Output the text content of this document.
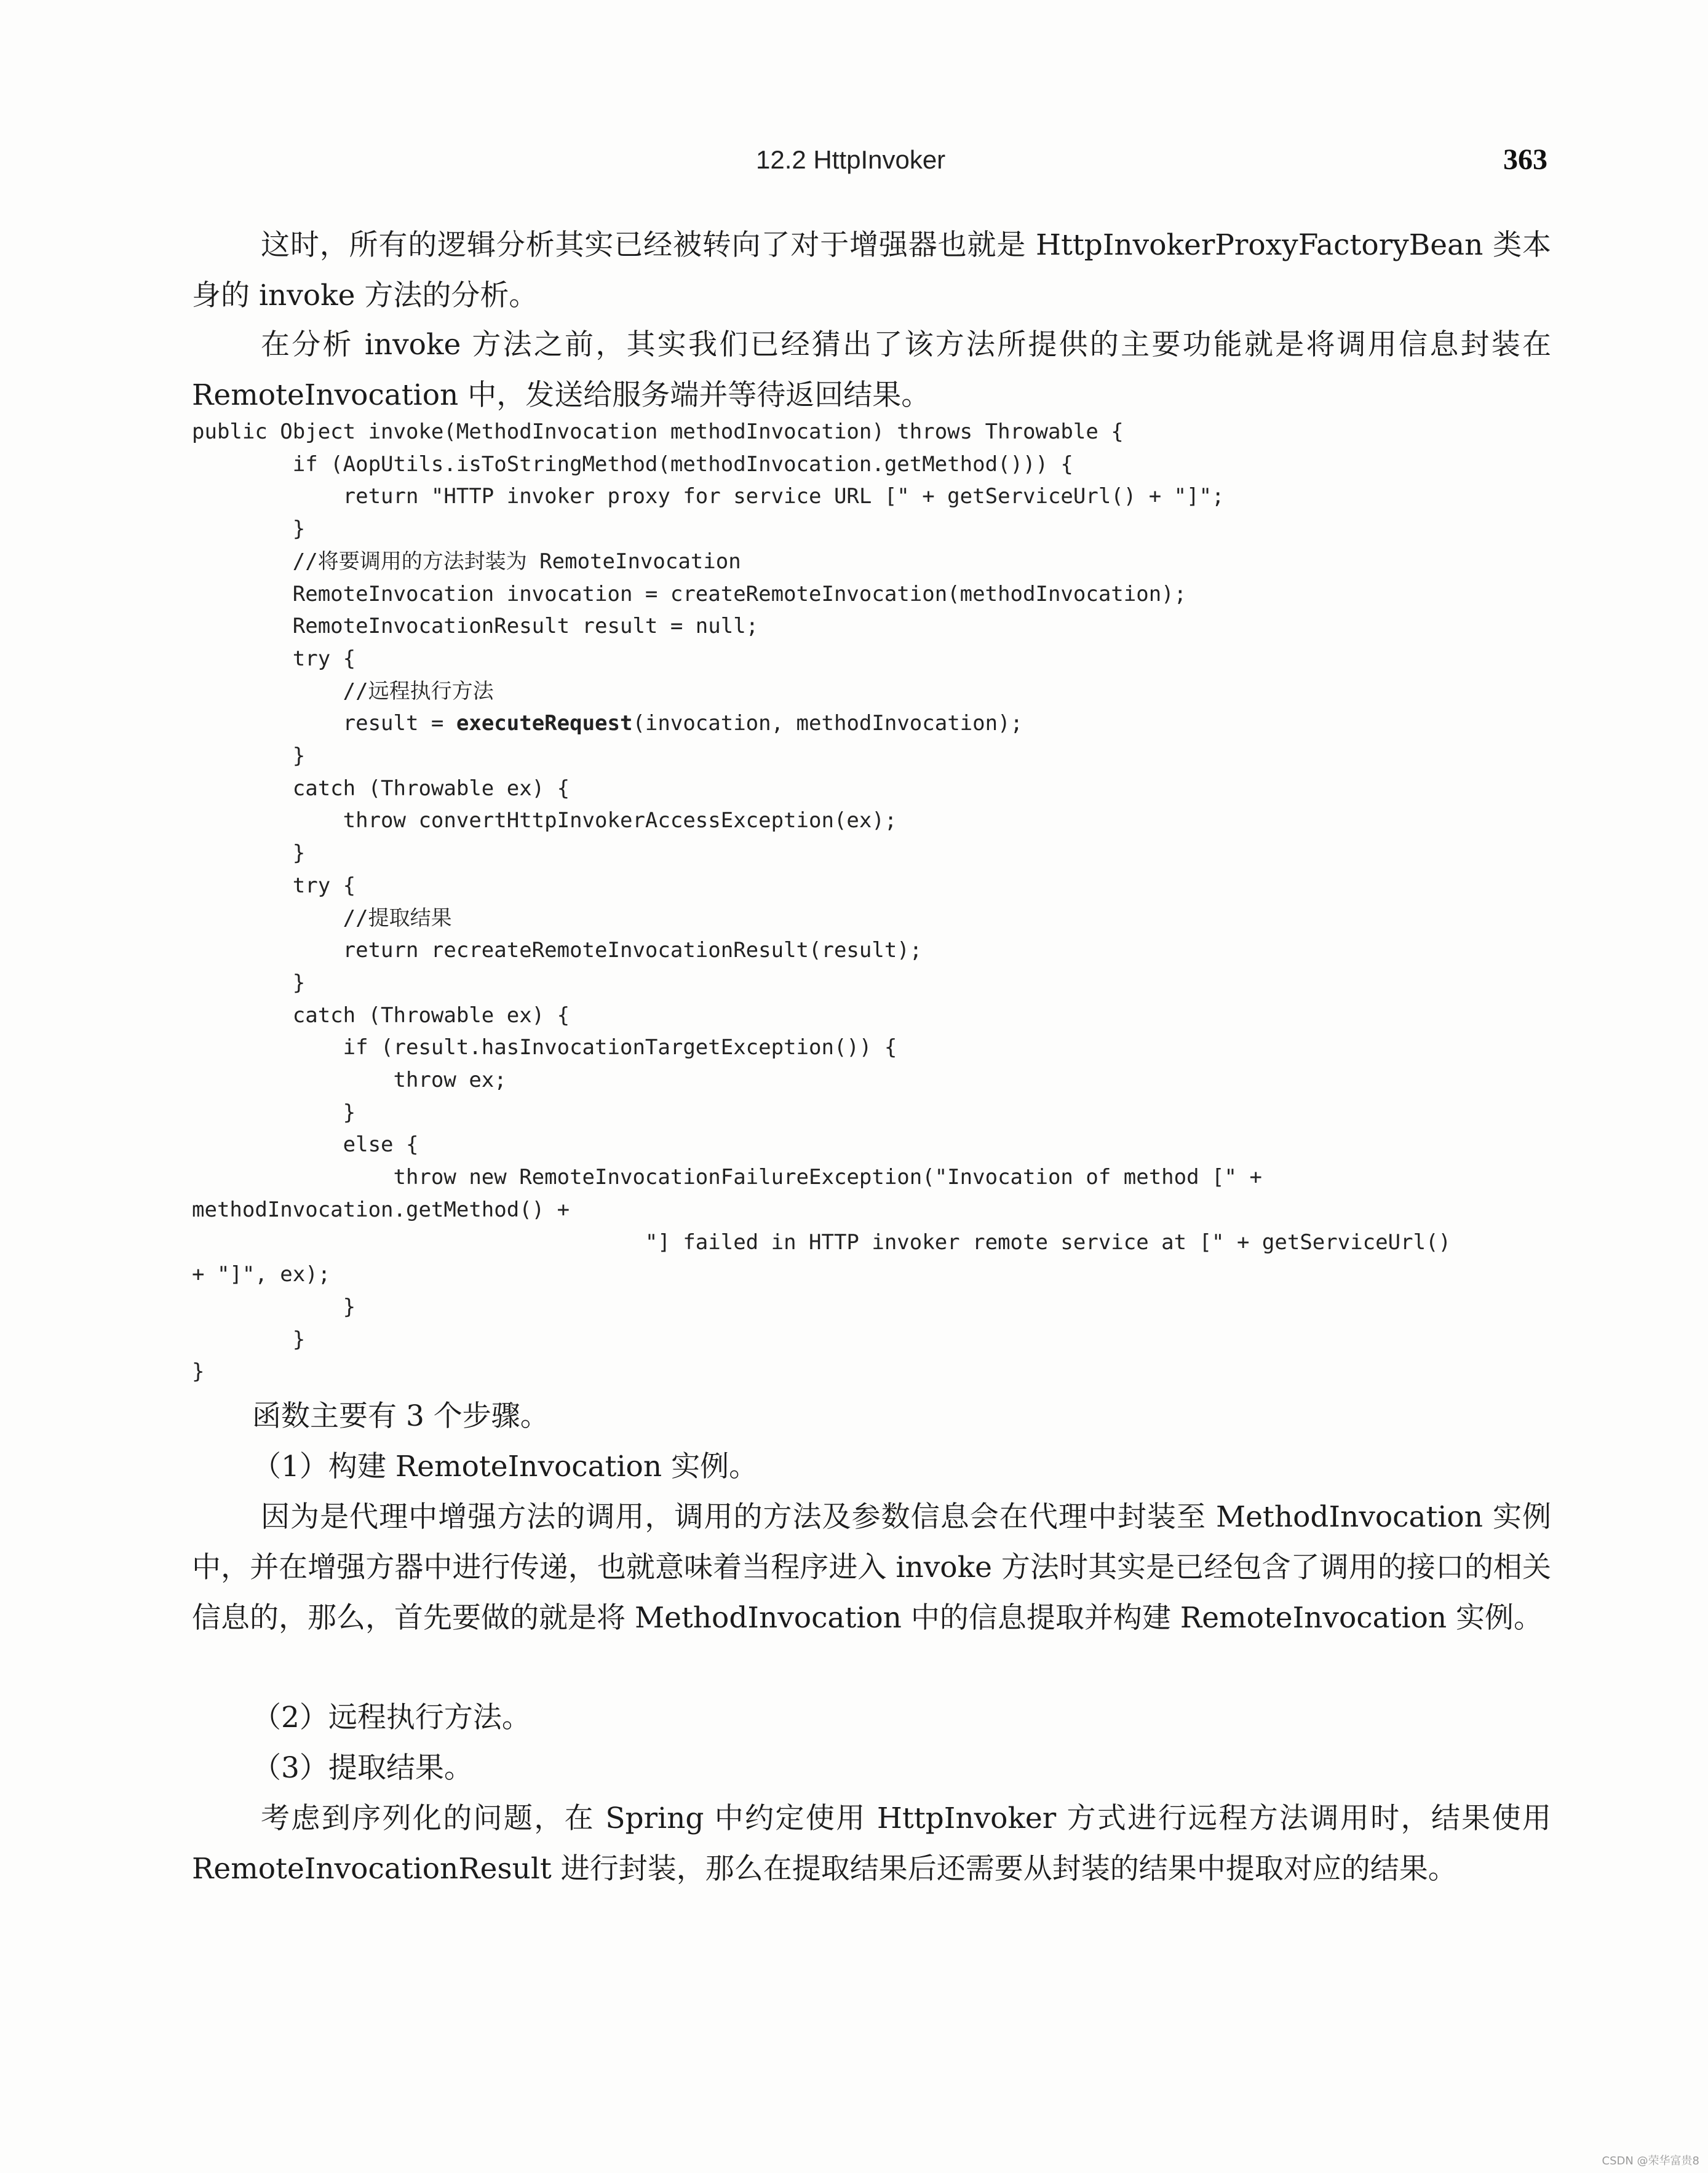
12.2 HttpInvoker	363

这时，所有的逻辑分析其实已经被转向了对于增强器也就是 HttpInvokerProxyFactoryBean 类本身的 invoke 方法的分析。

在分析 invoke 方法之前，其实我们已经猜出了该方法所提供的主要功能就是将调用信息封装在 RemoteInvocation 中，发送给服务端并等待返回结果。

public Object invoke(MethodInvocation methodInvocation) throws Throwable {
if (AopUtils.isToStringMethod(methodInvocation.getMethod())) {
return "HTTP invoker proxy for service URL [" + getServiceUrl() + "]";
}
//将要调用的方法封装为 RemoteInvocation
RemoteInvocation invocation = createRemoteInvocation(methodInvocation);
RemoteInvocationResult result = null;
try {
//远程执行方法
result = executeRequest(invocation, methodInvocation);
}
catch (Throwable ex) {
throw convertHttpInvokerAccessException(ex);
}
try {
//提取结果
return recreateRemoteInvocationResult(result);
}
catch (Throwable ex) {
if (result.hasInvocationTargetException()) {
throw ex;
}
else {
throw new RemoteInvocationFailureException("Invocation of method [" +
methodInvocation.getMethod() +
"] failed in HTTP invoker remote service at [" + getServiceUrl()
+ "]", ex);
}
}
}

函数主要有 3 个步骤。

（1）构建 RemoteInvocation 实例。

因为是代理中增强方法的调用，调用的方法及参数信息会在代理中封装至 MethodInvocation 实例中，并在增强方器中进行传递，也就意味着当程序进入 invoke 方法时其实是已经包含了调用的接口的相关信息的，那么，首先要做的就是将 MethodInvocation 中的信息提取并构建 RemoteInvocation 实例。

（2）远程执行方法。

（3）提取结果。

考虑到序列化的问题，在 Spring 中约定使用 HttpInvoker 方式进行远程方法调用时，结果使用 RemoteInvocationResult 进行封装，那么在提取结果后还需要从封装的结果中提取对应的结果。

CSDN @荣华富贵8
